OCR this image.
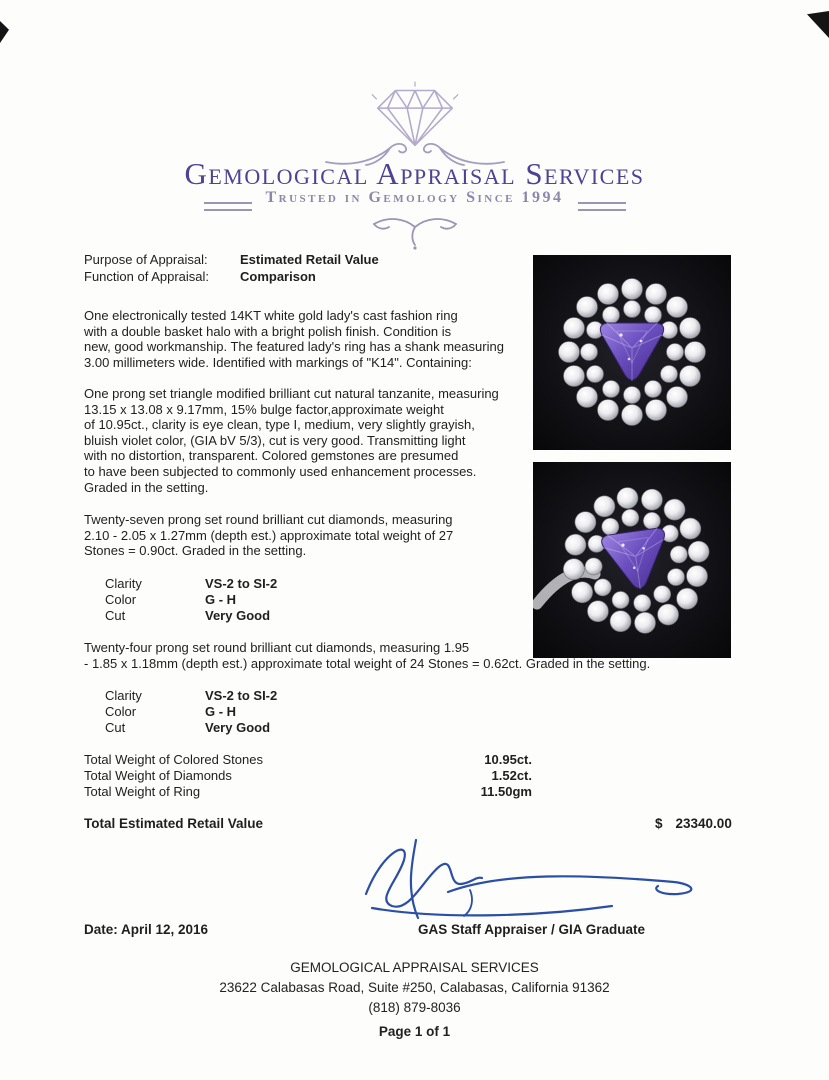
Gemological Appraisal Services
Trusted in Gemology Since 1994
Purpose of Appraisal: Estimated Retail Value
Function of Appraisal: Comparison
One electronically tested 14KT white gold lady's cast fashion ring
with a double basket halo with a bright polish finish. Condition is
new, good workmanship. The featured lady's ring has a shank measuring
3.00 millimeters wide. Identified with markings of "K14". Containing:
One prong set triangle modified brilliant cut natural tanzanite, measuring
13.15 x 13.08 x 9.17mm, 15% bulge factor,approximate weight
of 10.95ct., clarity is eye clean, type I, medium, very slightly grayish,
bluish violet color, (GIA bV 5/3), cut is very good. Transmitting light
with no distortion, transparent. Colored gemstones are presumed
to have been subjected to commonly used enhancement processes.
Graded in the setting.
Twenty-seven prong set round brilliant cut diamonds, measuring
2.10 - 2.05 x 1.27mm (depth est.) approximate total weight of 27
Stones = 0.90ct. Graded in the setting.
Clarity	VS-2 to SI-2
Color	G - H
Cut	Very Good
Twenty-four prong set round brilliant cut diamonds, measuring 1.95
- 1.85 x 1.18mm (depth est.) approximate total weight of 24 Stones = 0.62ct. Graded in the setting.
Clarity	VS-2 to SI-2
Color	G - H
Cut	Very Good
Total Weight of Colored Stones	10.95ct.
Total Weight of Diamonds	1.52ct.
Total Weight of Ring	11.50gm
Total Estimated Retail Value	$ 23340.00
Date: April 12, 2016	GAS Staff Appraiser / GIA Graduate
GEMOLOGICAL APPRAISAL SERVICES
23622 Calabasas Road, Suite #250, Calabasas, California 91362
(818) 879-8036
Page 1 of 1
